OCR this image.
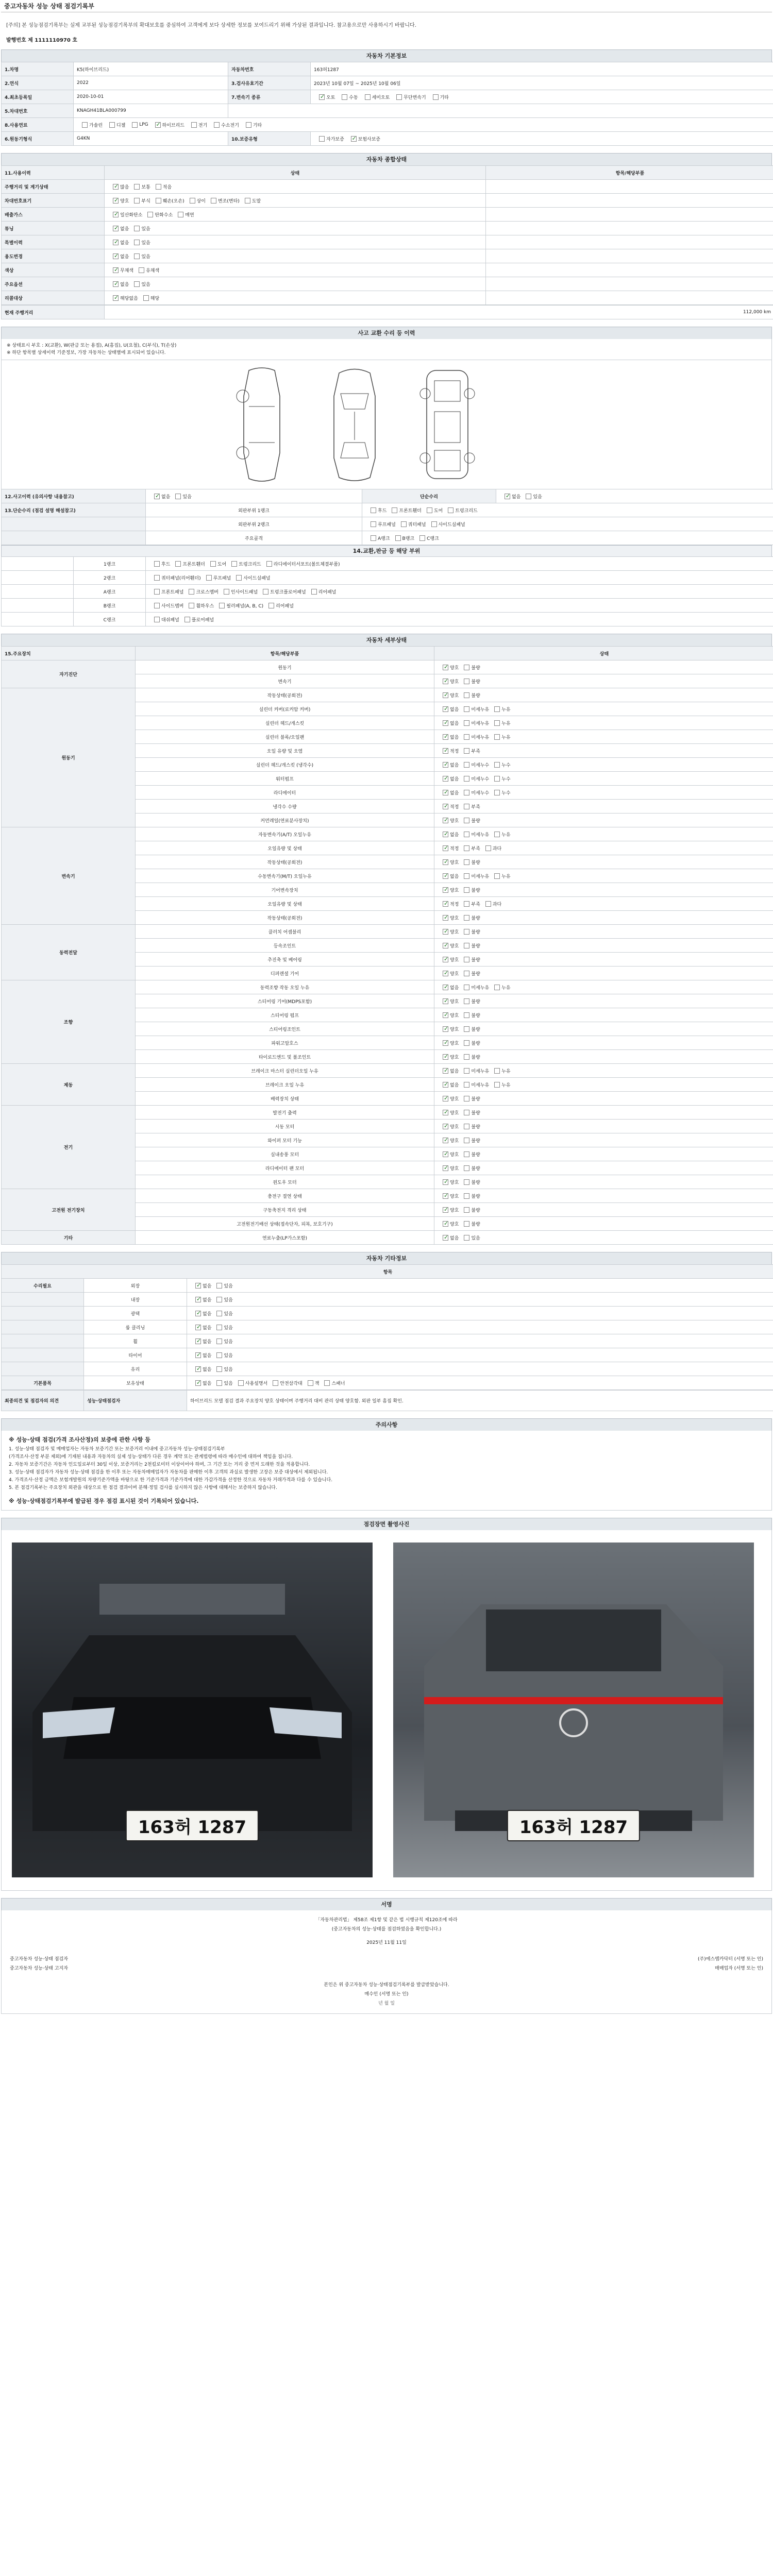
중고자동차 성능 상태 점검기록부
[주의] 본 성능점검기록부는 실제 교부된 성능점검기록부의 확대보호를 중심하여 고객에게 보다 상세한 정보를 보여드리기 위해 가상된 결과입니다. 참고용으로만 사용하시기 바랍니다.
발행번호 제 1111110970 호
자동차 기본정보
1.차명	K5(하이브리드)	자동차번호	163허1287
2.연식	2022	3.검사유효기간	2023년 10월 07일 ~ 2025년 10월 06일
4.최초등록일	2020-10-01	7.변속기 종류	✓오토 수동 세미오토 무단변속기 기타
5.차대번호	KNAGH41BLA000799		
8.사용연료	가솔린 디젤 LPG ✓ 하이브리드 전기 수소전기 기타
6.원동기형식	G4KN	10.보증유형	자가보증 ✓ 보험사보증
자동차 종합상태
11.사용이력	상태	항목/해당부품
주행거리 및 계기상태	✓많음 보통 적음	
차대번호표기	✓양호 부식 훼손(오손) 상이 변조(변타) 도말	
배출가스	✓일산화탄소 탄화수소 매연	
튜닝	✓없음 있음	
특별이력	✓없음 있음	
용도변경	✓없음 있음	
색상	✓무채색 유채색	
주요옵션	✓없음 있음	
리콜대상	✓해당없음 해당	
현재 주행거리	112,000 km
사고 교환 수리 등 이력
※ 상태표시 부호 : X(교환), W(판금 또는 용접), A(흠집), U(요철), C(부식), T(손상)
※ 하단 항목별 상세이력 기준정보, 가장 자동차는 상태별에 표시되어 있습니다.
12.사고이력 (유의사항 내용참고)	✓없음 있음	단순수리	✓없음 있음
13.단순수리 (점검 설명 해설참고)	외판부위 1랭크	후드 프론트휀더 도어 트렁크리드	
	외판부위 2랭크	루프패널 쿼터패널 사이드실패널	
	주요골격	A랭크 B랭크 C랭크	
14.교환,판금 등 해당 부위
	1랭크	후드 프론트휀더 도어 트렁크리드 라디에이터서포트(볼트체결부품)
	2랭크	쿼터패널(리어휀더) 루프패널 사이드실패널
	A랭크	프론트패널 크로스멤버 인사이드패널 트렁크플로어패널 리어패널
	B랭크	사이드멤버 휠하우스 필러패널(A, B, C) 리어패널
	C랭크	대쉬패널 플로어패널
자동차 세부상태
15.주요장치	항목/해당부품	상태
자기진단	원동기	✓양호 불량
	변속기	✓양호 불량
원동기	작동상태(공회전)	✓양호 불량
	실린더 커버(로커암 커버)	✓없음 미세누유 누유
	실린더 헤드/개스킷	✓없음 미세누유 누유
	실린더 블록/오일팬	✓없음 미세누유 누유
	오일 유량 및 오염	✓적정 부족
	실린더 헤드/개스킷 (냉각수)	✓없음 미세누수 누수
	워터펌프	✓없음 미세누수 누수
	라디에이터	✓없음 미세누수 누수
	냉각수 수량	✓적정 부족
	커먼레일(연료분사장치)	✓양호 불량
변속기	자동변속기(A/T) 오일누유	✓없음 미세누유 누유
	오일유량 및 상태	✓적정 부족 과다
	작동상태(공회전)	✓양호 불량
	수동변속기(M/T) 오일누유	✓없음 미세누유 누유
	기어변속장치	✓양호 불량
	오일유량 및 상태	✓적정 부족 과다
	작동상태(공회전)	✓양호 불량
동력전달	클러치 어셈블리	✓양호 불량
	등속조인트	✓양호 불량
	추진축 및 베어링	✓양호 불량
	디퍼렌셜 기어	✓양호 불량
조향	동력조향 작동 오일 누유	✓없음 미세누유 누유
	스티어링 기어(MDPS포함)	✓양호 불량
	스티어링 펌프	✓양호 불량
	스티어링조인트	✓양호 불량
	파워고압호스	✓양호 불량
	타이로드엔드 및 볼조인트	✓양호 불량
제동	브레이크 마스터 실린더오일 누유	✓없음 미세누유 누유
	브레이크 오일 누유	✓없음 미세누유 누유
	배력장치 상태	✓양호 불량
전기	발전기 출력	✓양호 불량
	시동 모터	✓양호 불량
	와이퍼 모터 기능	✓양호 불량
	실내송풍 모터	✓양호 불량
	라디에이터 팬 모터	✓양호 불량
	윈도우 모터	✓양호 불량
고전원 전기장치	충전구 절연 상태	✓양호 불량
	구동축전지 격리 상태	✓양호 불량
	고전원전기배선 상태(접속단자, 피복, 보호기구)	✓양호 불량
기타	연료누출(LP가스포함)	✓없음 있음
자동차 기타정보
항목		
수리필요	외장	✓없음 있음
	내장	✓없음 있음
	광택	✓없음 있음
	룸 클리닝	✓없음 있음
	휠	✓없음 있음
	타이어	✓없음 있음
	유리	✓없음 있음
기본품목	보유상태	✓없음 있음 사용설명서 안전삼각대 잭 스패너
최종의견 및 점검자의 의견	성능·상태점검자	하이브리드 모델 점검 결과 주요장치 양호 상태이며 주행거리 대비 관리 상태 양호함. 외판 일부 흠집 확인.
주의사항
※ 성능·상태 점검(가격 조사산정)의 보증에 관한 사항 등
1. 성능·상태 점검자 및 매매업자는 자동차 보증기간 또는 보증거리 이내에 중고자동차 성능·상태점검기록부
(가격조사·산정 부분 제외)에 기재된 내용과 자동차의 실제 성능·상태가 다른 경우 계약 또는 관계법령에 따라 매수인에 대하여 책임을 집니다.
2. 자동차 보증기간은 자동차 인도일로부터 30일 이상, 보증거리는 2천킬로미터 이상이어야 하며, 그 기간 또는 거리 중 먼저 도래한 것을 적용합니다.
3. 성능·상태 점검자가 자동차 성능·상태 점검을 한 이후 또는 자동차매매업자가 자동차를 판매한 이후 고객의 과실로 발생한 고장은 보증 대상에서 제외됩니다.
4. 가격조사·산정 금액은 보험개발원의 차량기준가액을 바탕으로 한 기준가격과 기준가격에 대한 가감가격을 산정한 것으로 자동차 거래가격과 다를 수 있습니다.
5. 본 점검기록부는 주요장치 외관을 대상으로 한 점검 결과이며 분해·정밀 검사를 실시하지 않은 사항에 대해서는 보증하지 않습니다.
※ 성능·상태점검기록부에 발급된 경우 점검 표시된 것이 기록되어 있습니다.
점검장면 촬영사진
163허 1287	163허 1287
서명
「자동차관리법」 제58조 제1항 및 같은 법 시행규칙 제120조에 따라
(중고자동차의 성능·상태를 점검하였음을 확인합니다.)
2025년 11월 11일
중고자동차 성능·상태 점검자
중고자동차 성능·상태 고지자
(주)에스엠카닥터 (서명 또는 인)
매매업자 (서명 또는 인)
본인은 위 중고자동차 성능·상태점검기록부를 발급받았습니다.
매수인 (서명 또는 인)
년 월 일
